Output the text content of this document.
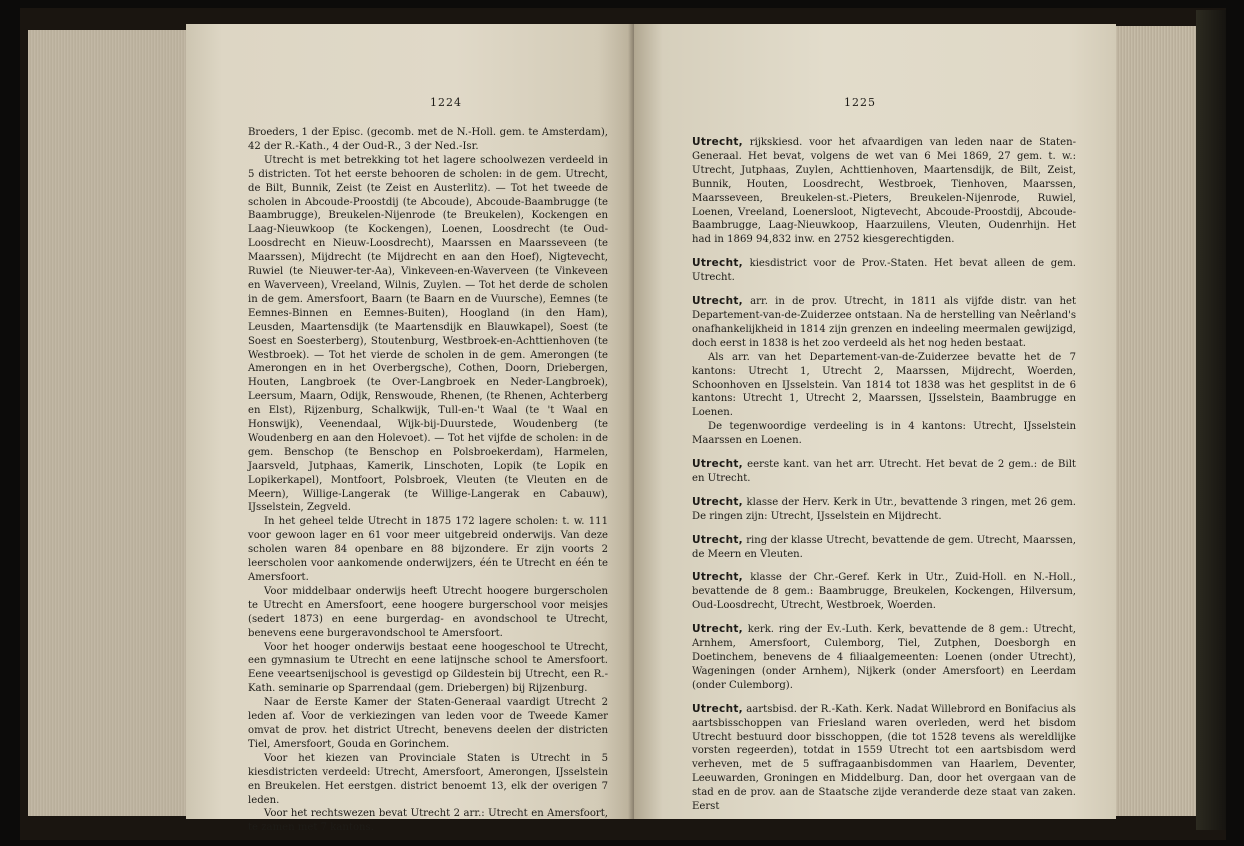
1224

Broeders, 1 der Episc. (gecomb. met de N.-Holl. gem. te Amsterdam), 42 der R.-Kath., 4 der Oud-R., 3 der Ned.-Isr.

Utrecht is met betrekking tot het lagere schoolwezen verdeeld in 5 districten. Tot het eerste behooren de scholen: in de gem. Utrecht, de Bilt, Bunnik, Zeist (te Zeist en Austerlitz). — Tot het tweede de scholen in Abcoude-Proostdij (te Abcoude), Abcoude-Baambrugge (te Baambrugge), Breukelen-Nijenrode (te Breukelen), Kockengen en Laag-Nieuwkoop (te Kockengen), Loenen, Loosdrecht (te Oud-Loosdrecht en Nieuw-Loosdrecht), Maarssen en Maarsseveen (te Maarssen), Mijdrecht (te Mijdrecht en aan den Hoef), Nigtevecht, Ruwiel (te Nieuwer-ter-Aa), Vinkeveen-en-Waverveen (te Vinkeveen en Waverveen), Vreeland, Wilnis, Zuylen. — Tot het derde de scholen in de gem. Amersfoort, Baarn (te Baarn en de Vuursche), Eemnes (te Eemnes-Binnen en Eemnes-Buiten), Hoogland (in den Ham), Leusden, Maartensdijk (te Maartensdijk en Blauwkapel), Soest (te Soest en Soesterberg), Stoutenburg, Westbroek-en-Achttienhoven (te Westbroek). — Tot het vierde de scholen in de gem. Amerongen (te Amerongen en in het Overbergsche), Cothen, Doorn, Driebergen, Houten, Langbroek (te Over-Langbroek en Neder-Langbroek), Leersum, Maarn, Odijk, Renswoude, Rhenen, (te Rhenen, Achterberg en Elst), Rijzenburg, Schalkwijk, Tull-en-'t Waal (te 't Waal en Honswijk), Veenendaal, Wijk-bij-Duurstede, Woudenberg (te Woudenberg en aan den Holevoet). — Tot het vijfde de scholen: in de gem. Benschop (te Benschop en Polsbroekerdam), Harmelen, Jaarsveld, Jutphaas, Kamerik, Linschoten, Lopik (te Lopik en Lopikerkapel), Montfoort, Polsbroek, Vleuten (te Vleuten en de Meern), Willige-Langerak (te Willige-Langerak en Cabauw), IJsselstein, Zegveld.

In het geheel telde Utrecht in 1875 172 lagere scholen: t. w. 111 voor gewoon lager en 61 voor meer uitgebreid onderwijs. Van deze scholen waren 84 openbare en 88 bijzondere. Er zijn voorts 2 leerscholen voor aankomende onderwijzers, één te Utrecht en één te Amersfoort.

Voor middelbaar onderwijs heeft Utrecht hoogere burgerscholen te Utrecht en Amersfoort, eene hoogere burgerschool voor meisjes (sedert 1873) en eene burgerdag- en avondschool te Utrecht, benevens eene burgeravondschool te Amersfoort.

Voor het hooger onderwijs bestaat eene hoogeschool te Utrecht, een gymnasium te Utrecht en eene latijnsche school te Amersfoort. Eene veeartsenijschool is gevestigd op Gildestein bij Utrecht, een R.-Kath. seminarie op Sparrendaal (gem. Driebergen) bij Rijzenburg.

Naar de Eerste Kamer der Staten-Generaal vaardigt Utrecht 2 leden af. Voor de verkiezingen van leden voor de Tweede Kamer omvat de prov. het district Utrecht, benevens deelen der districten Tiel, Amersfoort, Gouda en Gorinchem.

Voor het kiezen van Provinciale Staten is Utrecht in 5 kiesdistricten verdeeld: Utrecht, Amersfoort, Amerongen, IJsselstein en Breukelen. Het eerstgen. district benoemt 13, elk der overigen 7 leden.

Voor het rechtswezen bevat Utrecht 2 arr.: Utrecht en Amersfoort, te zamen met 7 kantons.

1225

Utrecht, rijkskiesd. voor het afvaardigen van leden naar de Staten-Generaal. Het bevat, volgens de wet van 6 Mei 1869, 27 gem. t. w.: Utrecht, Jutphaas, Zuylen, Achttienhoven, Maartensdijk, de Bilt, Zeist, Bunnik, Houten, Loosdrecht, Westbroek, Tienhoven, Maarssen, Maarsseveen, Breukelen-st.-Pieters, Breukelen-Nijenrode, Ruwiel, Loenen, Vreeland, Loenersloot, Nigtevecht, Abcoude-Proostdij, Abcoude-Baambrugge, Laag-Nieuwkoop, Haarzuilens, Vleuten, Oudenrhijn. Het had in 1869 94,832 inw. en 2752 kiesgerechtigden.

Utrecht, kiesdistrict voor de Prov.-Staten. Het bevat alleen de gem. Utrecht.

Utrecht, arr. in de prov. Utrecht, in 1811 als vijfde distr. van het Departement-van-de-Zuiderzee ontstaan. Na de herstelling van Neêrland's onafhankelijkheid in 1814 zijn grenzen en indeeling meermalen gewijzigd, doch eerst in 1838 is het zoo verdeeld als het nog heden bestaat.

Als arr. van het Departement-van-de-Zuiderzee bevatte het de 7 kantons: Utrecht 1, Utrecht 2, Maarssen, Mijdrecht, Woerden, Schoonhoven en IJsselstein. Van 1814 tot 1838 was het gesplitst in de 6 kantons: Utrecht 1, Utrecht 2, Maarssen, IJsselstein, Baambrugge en Loenen.

De tegenwoordige verdeeling is in 4 kantons: Utrecht, IJsselstein Maarssen en Loenen.

Utrecht, eerste kant. van het arr. Utrecht. Het bevat de 2 gem.: de Bilt en Utrecht.

Utrecht, klasse der Herv. Kerk in Utr., bevattende 3 ringen, met 26 gem. De ringen zijn: Utrecht, IJsselstein en Mijdrecht.

Utrecht, ring der klasse Utrecht, bevattende de gem. Utrecht, Maarssen, de Meern en Vleuten.

Utrecht, klasse der Chr.-Geref. Kerk in Utr., Zuid-Holl. en N.-Holl., bevattende de 8 gem.: Baambrugge, Breukelen, Kockengen, Hilversum, Oud-Loosdrecht, Utrecht, Westbroek, Woerden.

Utrecht, kerk. ring der Ev.-Luth. Kerk, bevattende de 8 gem.: Utrecht, Arnhem, Amersfoort, Culemborg, Tiel, Zutphen, Doesborgh en Doetinchem, benevens de 4 filiaalgemeenten: Loenen (onder Utrecht), Wageningen (onder Arnhem), Nijkerk (onder Amersfoort) en Leerdam (onder Culemborg).

Utrecht, aartsbisd. der R.-Kath. Kerk. Nadat Willebrord en Bonifacius als aartsbisschoppen van Friesland waren overleden, werd het bisdom Utrecht bestuurd door bisschoppen, (die tot 1528 tevens als wereldlijke vorsten regeerden), totdat in 1559 Utrecht tot een aartsbisdom werd verheven, met de 5 suffragaanbisdommen van Haarlem, Deventer, Leeuwarden, Groningen en Middelburg. Dan, door het overgaan van de stad en de prov. aan de Staatsche zijde veranderde deze staat van zaken. Eerst
